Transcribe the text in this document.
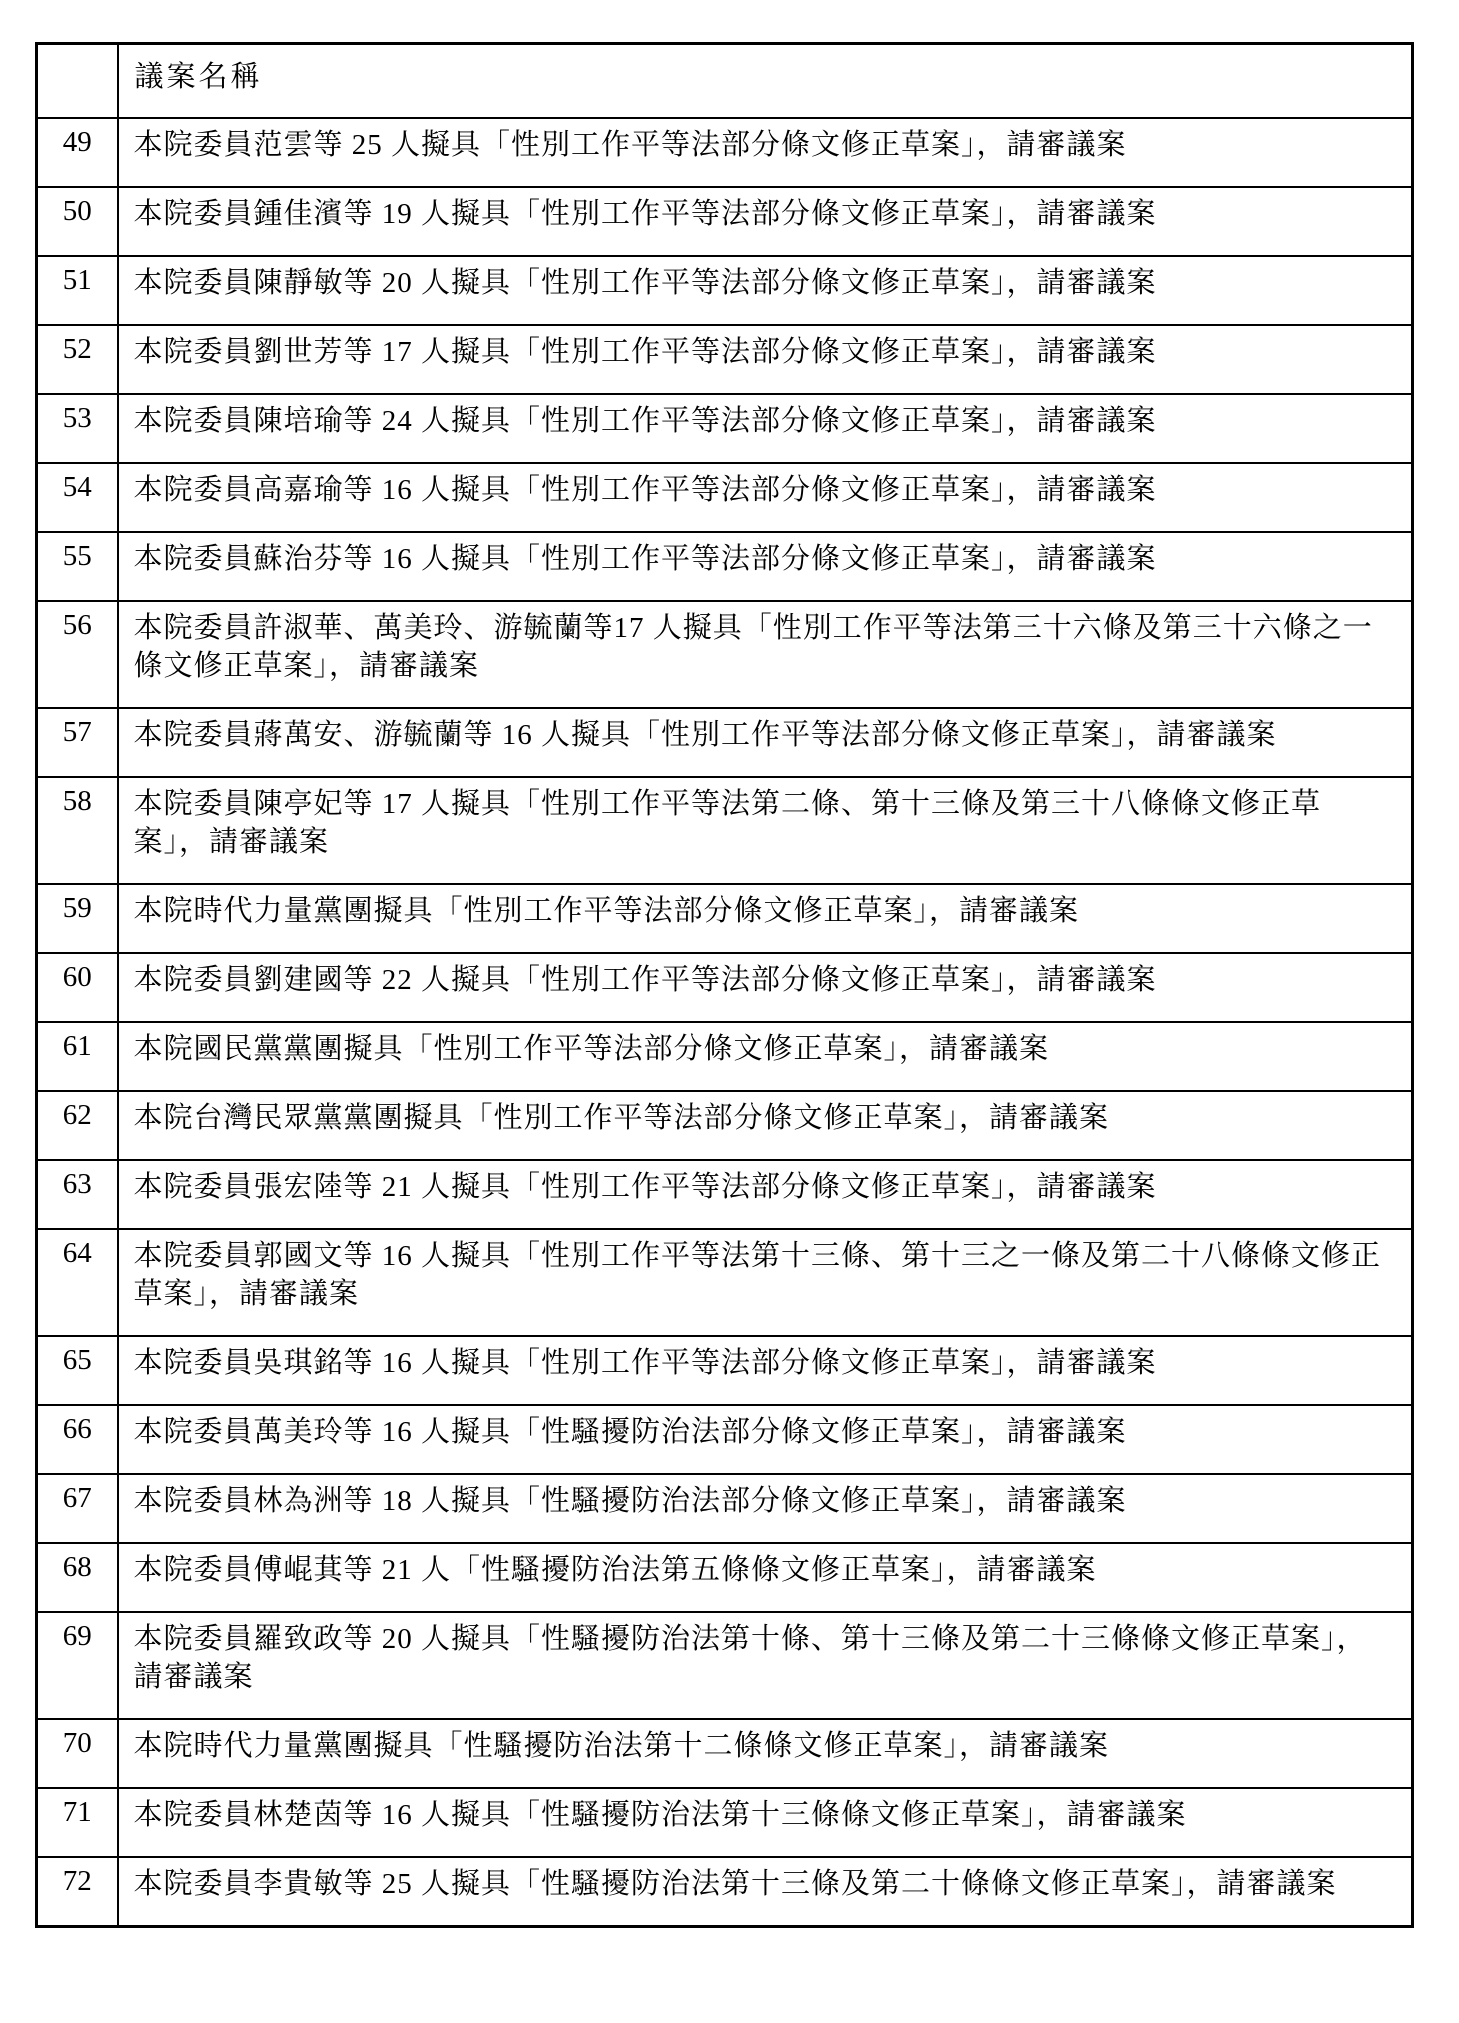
	議案名稱
49	本院委員范雲等 25 人擬具「性別工作平等法部分條文修正草案」，請審議案
50	本院委員鍾佳濱等 19 人擬具「性別工作平等法部分條文修正草案」，請審議案
51	本院委員陳靜敏等 20 人擬具「性別工作平等法部分條文修正草案」，請審議案
52	本院委員劉世芳等 17 人擬具「性別工作平等法部分條文修正草案」，請審議案
53	本院委員陳培瑜等 24 人擬具「性別工作平等法部分條文修正草案」，請審議案
54	本院委員高嘉瑜等 16 人擬具「性別工作平等法部分條文修正草案」，請審議案
55	本院委員蘇治芬等 16 人擬具「性別工作平等法部分條文修正草案」，請審議案
56	本院委員許淑華、萬美玲、游毓蘭等17 人擬具「性別工作平等法第三十六條及第三十六條之一條文修正草案」，請審議案
57	本院委員蔣萬安、游毓蘭等 16 人擬具「性別工作平等法部分條文修正草案」，請審議案
58	本院委員陳亭妃等 17 人擬具「性別工作平等法第二條、第十三條及第三十八條條文修正草案」，請審議案
59	本院時代力量黨團擬具「性別工作平等法部分條文修正草案」，請審議案
60	本院委員劉建國等 22 人擬具「性別工作平等法部分條文修正草案」，請審議案
61	本院國民黨黨團擬具「性別工作平等法部分條文修正草案」，請審議案
62	本院台灣民眾黨黨團擬具「性別工作平等法部分條文修正草案」，請審議案
63	本院委員張宏陸等 21 人擬具「性別工作平等法部分條文修正草案」，請審議案
64	本院委員郭國文等 16 人擬具「性別工作平等法第十三條、第十三之一條及第二十八條條文修正草案」，請審議案
65	本院委員吳琪銘等 16 人擬具「性別工作平等法部分條文修正草案」，請審議案
66	本院委員萬美玲等 16 人擬具「性騷擾防治法部分條文修正草案」，請審議案
67	本院委員林為洲等 18 人擬具「性騷擾防治法部分條文修正草案」，請審議案
68	本院委員傅崐萁等 21 人「性騷擾防治法第五條條文修正草案」，請審議案
69	本院委員羅致政等 20 人擬具「性騷擾防治法第十條、第十三條及第二十三條條文修正草案」，請審議案
70	本院時代力量黨團擬具「性騷擾防治法第十二條條文修正草案」，請審議案
71	本院委員林楚茵等 16 人擬具「性騷擾防治法第十三條條文修正草案」，請審議案
72	本院委員李貴敏等 25 人擬具「性騷擾防治法第十三條及第二十條條文修正草案」，請審議案
